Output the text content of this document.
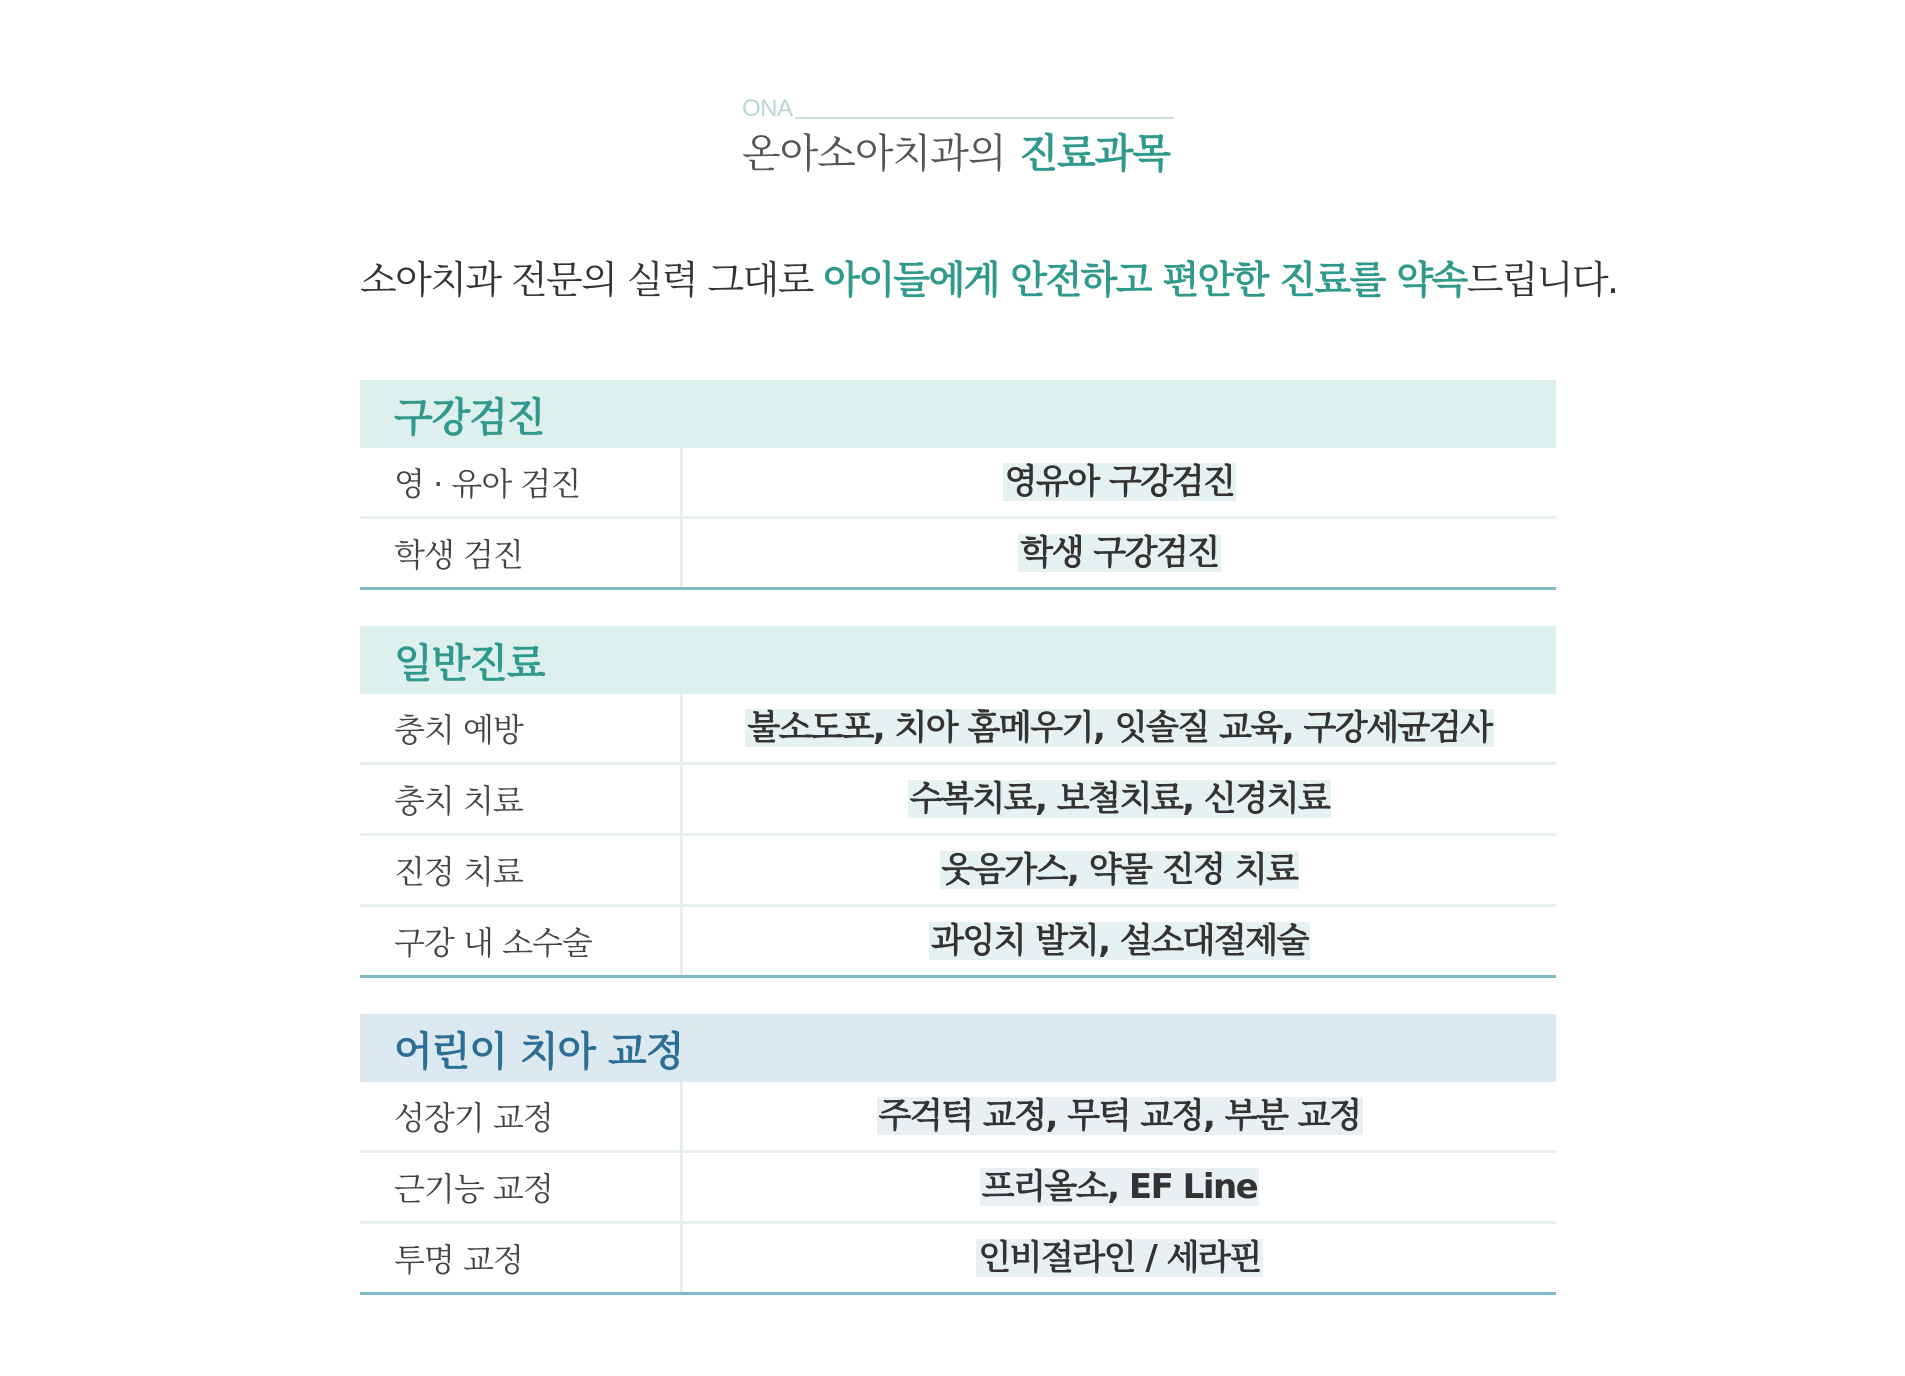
ONA
온아소아치과의 진료과목
소아치과 전문의 실력 그대로 아이들에게 안전하고 편안한 진료를 약속드립니다.
구강검진
영 · 유아 검진	영유아 구강검진
학생 검진	학생 구강검진
일반진료
충치 예방	불소도포, 치아 홈메우기, 잇솔질 교육, 구강세균검사
충치 치료	수복치료, 보철치료, 신경치료
진정 치료	웃음가스, 약물 진정 치료
구강 내 소수술	과잉치 발치, 설소대절제술
어린이 치아 교정
성장기 교정	주걱턱 교정, 무턱 교정, 부분 교정
근기능 교정	프리올소, EF Line
투명 교정	인비절라인 / 세라핀
